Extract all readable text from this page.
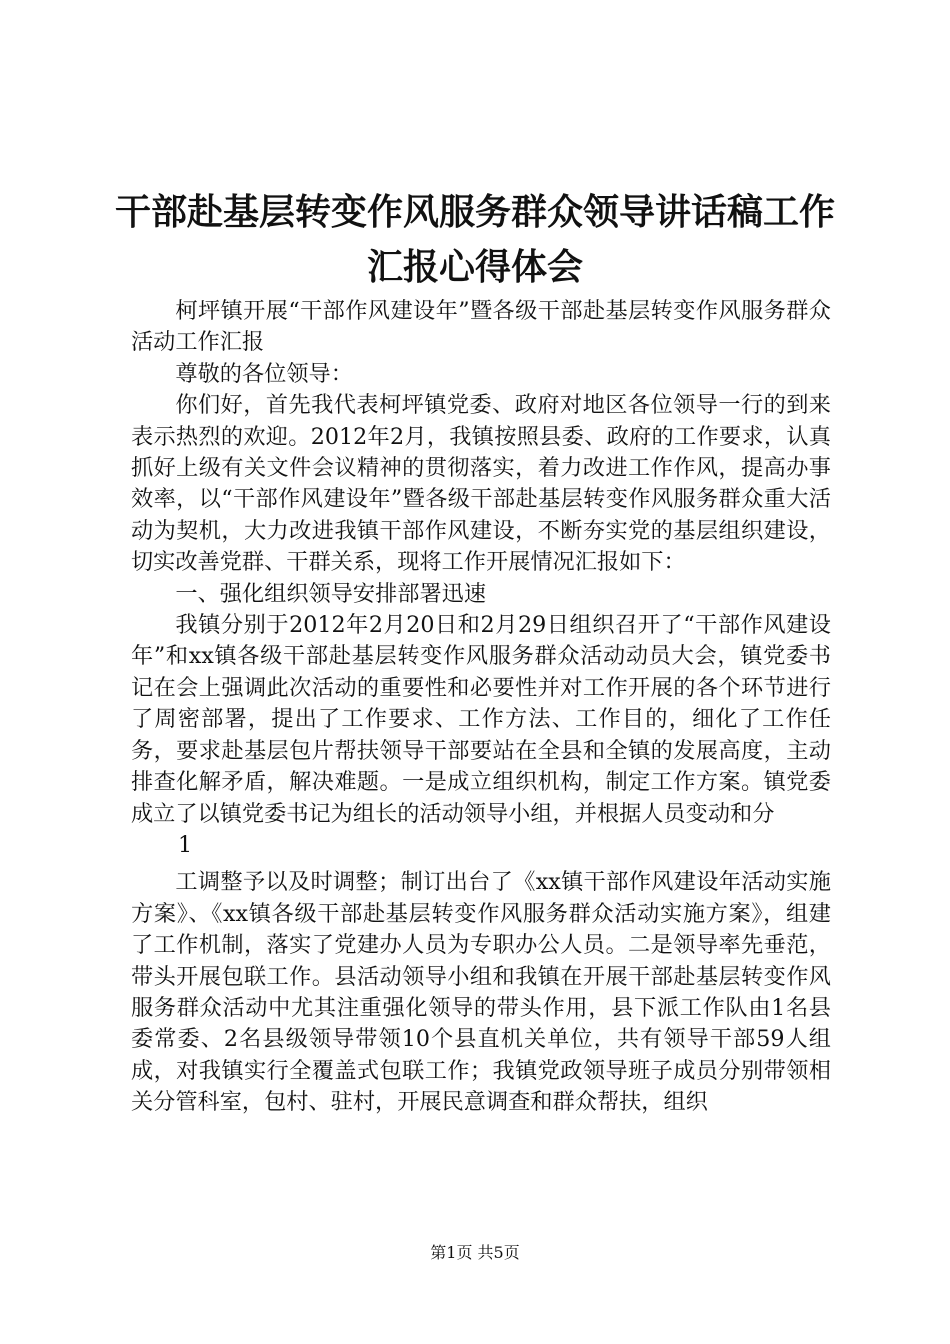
干部赴基层转变作风服务群众领导讲话稿工作
汇报心得体会

柯坪镇开展“干部作风建设年”暨各级干部赴基层转变作风服务群众活动工作汇报

尊敬的各位领导：

你们好，首先我代表柯坪镇党委、政府对地区各位领导一行的到来表示热烈的欢迎。2012年2月，我镇按照县委、政府的工作要求，认真抓好上级有关文件会议精神的贯彻落实，着力改进工作作风，提高办事效率，以“干部作风建设年”暨各级干部赴基层转变作风服务群众重大活动为契机，大力改进我镇干部作风建设，不断夯实党的基层组织建设，切实改善党群、干群关系，现将工作开展情况汇报如下：

一、强化组织领导安排部署迅速

我镇分别于2012年2月20日和2月29日组织召开了“干部作风建设年”和xx镇各级干部赴基层转变作风服务群众活动动员大会，镇党委书记在会上强调此次活动的重要性和必要性并对工作开展的各个环节进行了周密部署，提出了工作要求、工作方法、工作目的，细化了工作任务，要求赴基层包片帮扶领导干部要站在全县和全镇的发展高度，主动排查化解矛盾，解决难题。一是成立组织机构，制定工作方案。镇党委成立了以镇党委书记为组长的活动领导小组，并根据人员变动和分

1

工调整予以及时调整；制订出台了《xx镇干部作风建设年活动实施方案》、《xx镇各级干部赴基层转变作风服务群众活动实施方案》，组建了工作机制，落实了党建办人员为专职办公人员。二是领导率先垂范，带头开展包联工作。县活动领导小组和我镇在开展干部赴基层转变作风服务群众活动中尤其注重强化领导的带头作用，县下派工作队由1名县委常委、2名县级领导带领10个县直机关单位，共有领导干部59人组成，对我镇实行全覆盖式包联工作；我镇党政领导班子成员分别带领相关分管科室，包村、驻村，开展民意调查和群众帮扶，组织

第1页 共5页
